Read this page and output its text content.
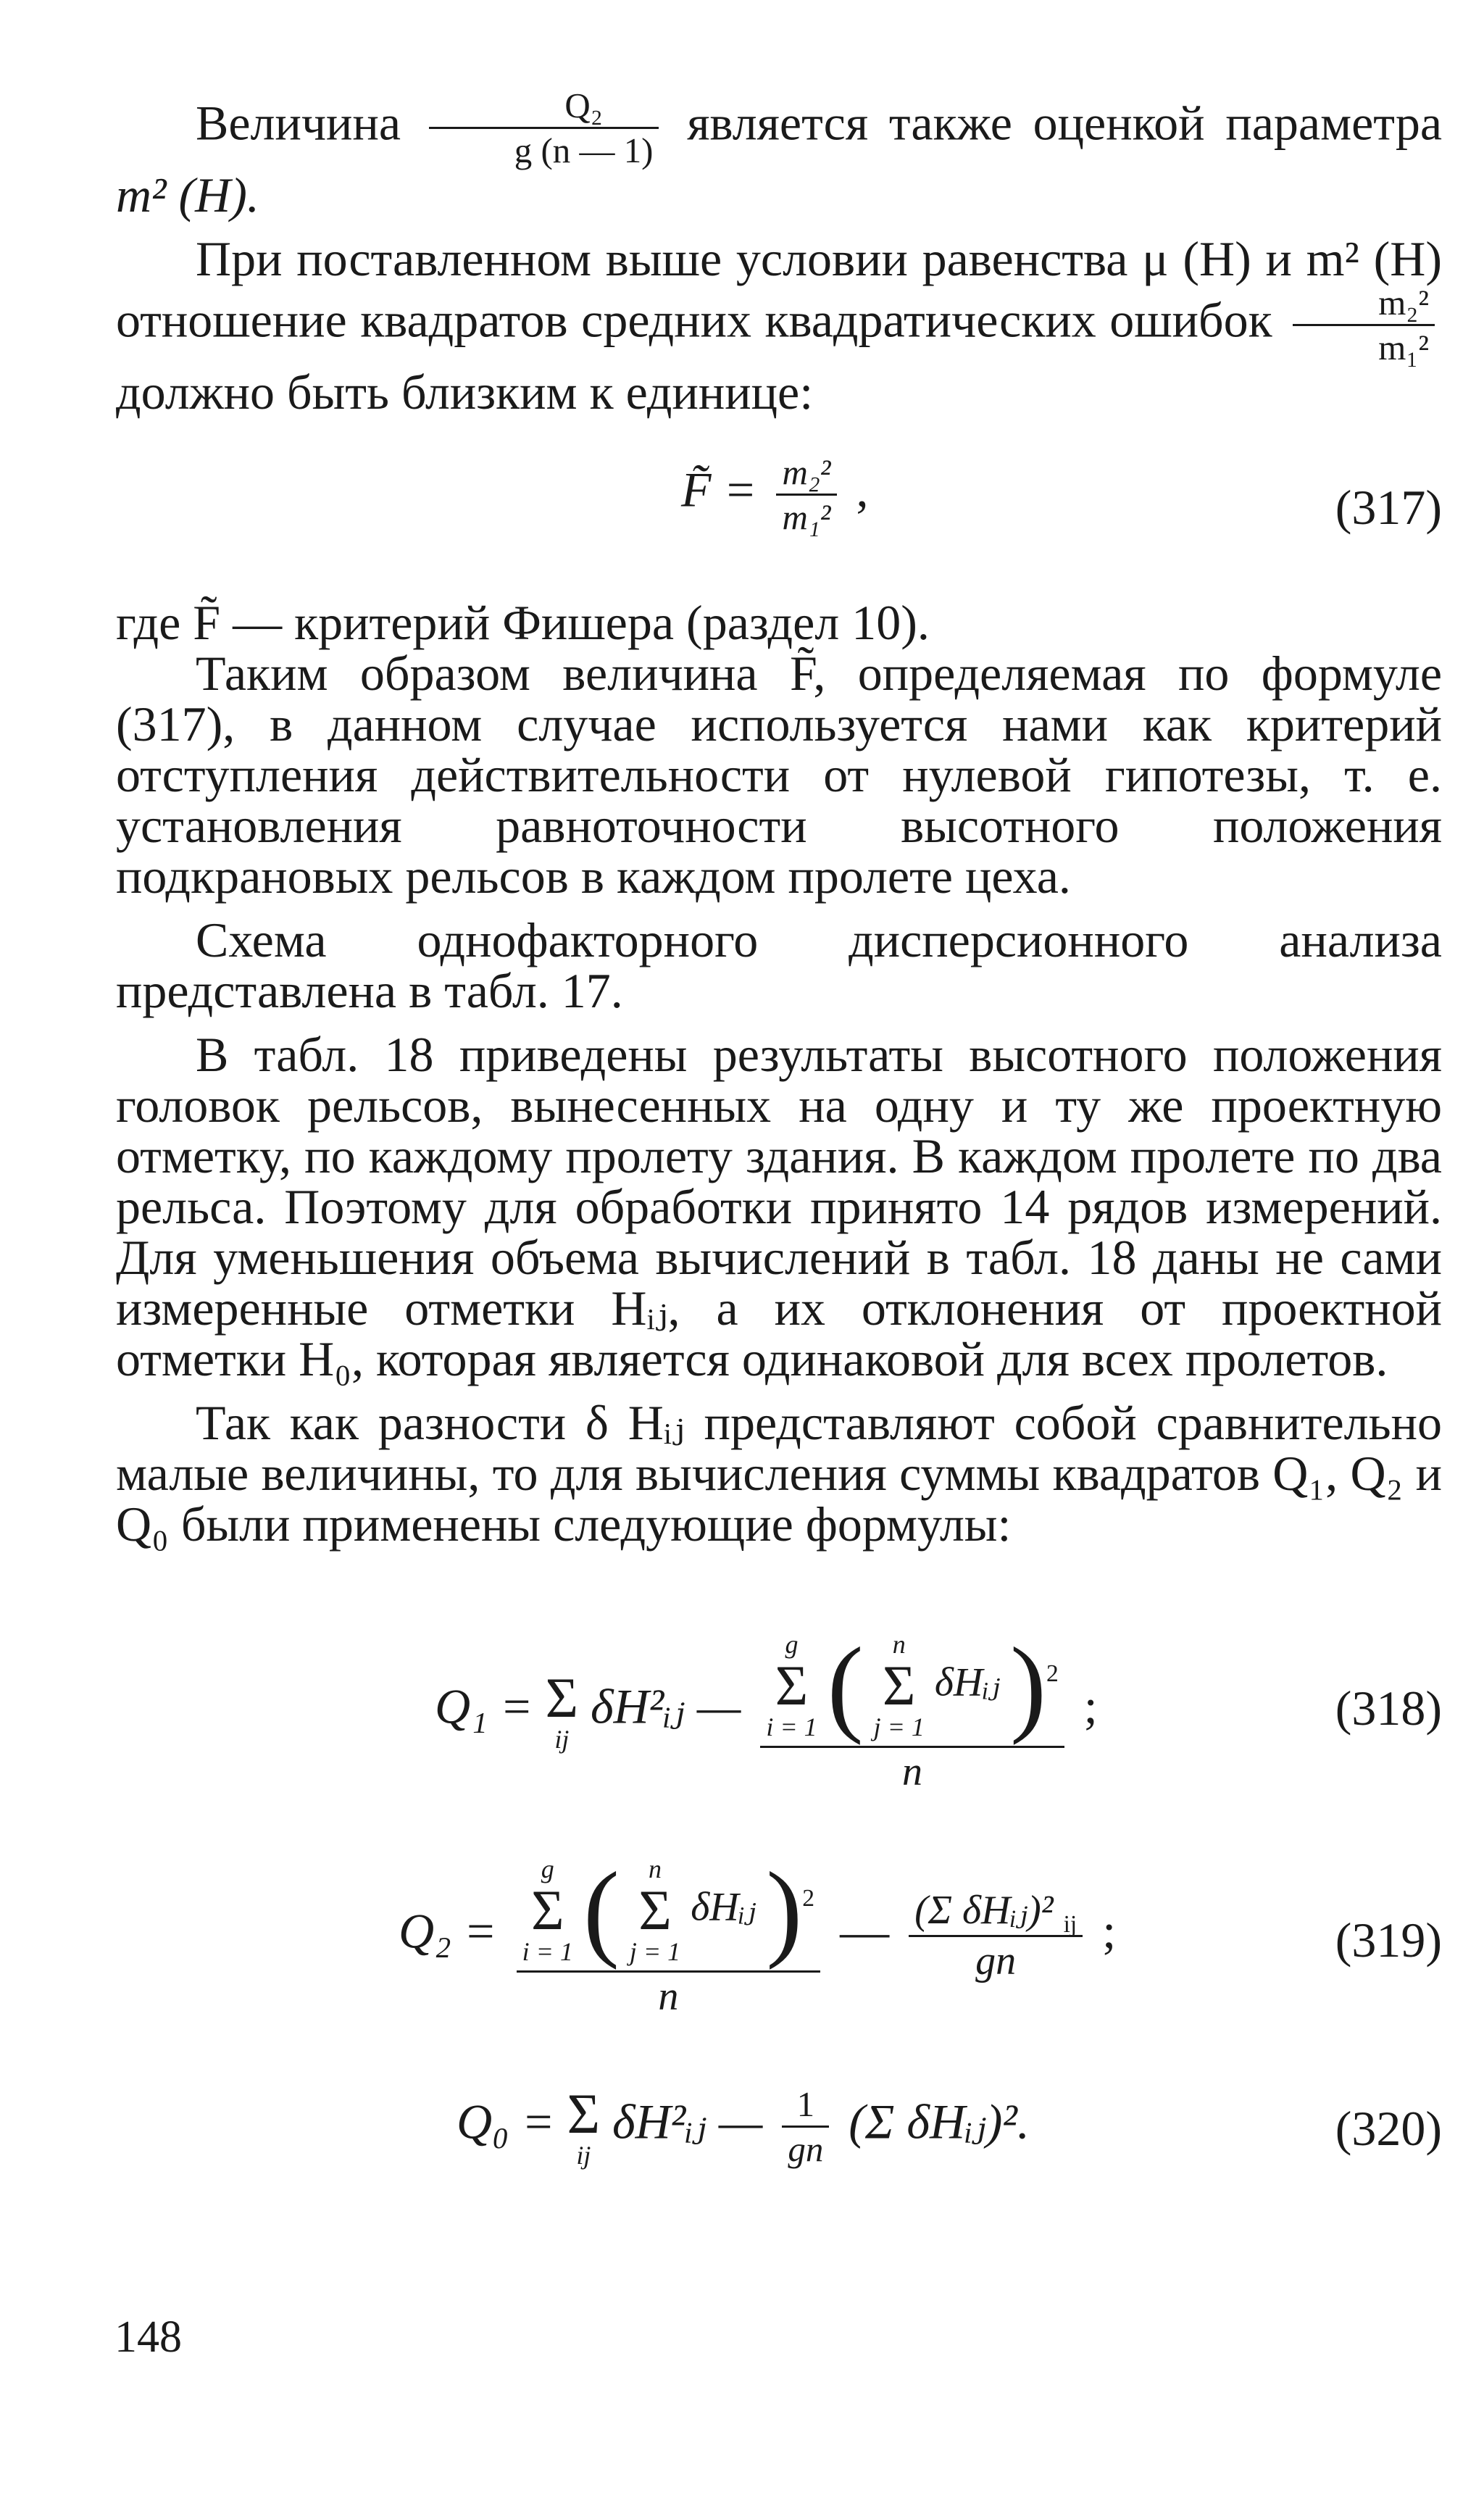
Величина $\frac{\text{Q₂}}{g (n — 1)}$ является также оценкой параметра m² (H).

При поставленном выше условии равенства μ (H) и m² (H) отношение квадратов средних квадратических ошибок $\frac{\text{m₂²}}{\text{m₁²}}$
должно быть близким к единице:

F̃ = $\frac{\text{m₂²}}{\text{m₁²}}$ ,	(317)

где F̃ — критерий Фишера (раздел 10).

Таким образом величина F̃, определяемая по формуле (317), в данном случае используется нами как критерий отступления действительности от нулевой гипотезы, т. е. установления равноточности высотного положения подкрановых рельсов в каждом пролете цеха.

Схема однофакторного дисперсионного анализа представлена в табл. 17.

В табл. 18 приведены результаты высотного положения головок рельсов, вынесенных на одну и ту же проектную отметку, по каждому пролету здания. В каждом пролете по два рельса. Поэтому для обработки принято 14 рядов измерений. Для уменьшения объема вычислений в табл. 18 даны не сами измеренные отметки Hᵢⱼ, а их отклонения от проектной отметки H₀, которая является одинаковой для всех пролетов.

Так как разности δ Hᵢⱼ представляют собой сравнительно малые величины, то для вычисления суммы квадратов Q₁, Q₂ и Q₀ были применены следующие формулы:

Q₁ = Σ
ij
δH²ᵢⱼ —
g
Σ
i = 1 (	n
Σ
j = 1
δHᵢⱼ )$^2$
n
;	(318)
Q₂ =
g
Σ
i = 1 (	n
Σ
j = 1
δHᵢⱼ )$^2$
n
— $\frac{(\Sigma \delta Hᵢⱼ)^2 _{ij}}{gn}$ ;	(319)
Q₀ = Σ
ij
δH²ᵢⱼ — $\frac{1}{gn} (\Sigma$ δHᵢⱼ)².	(320)
148
